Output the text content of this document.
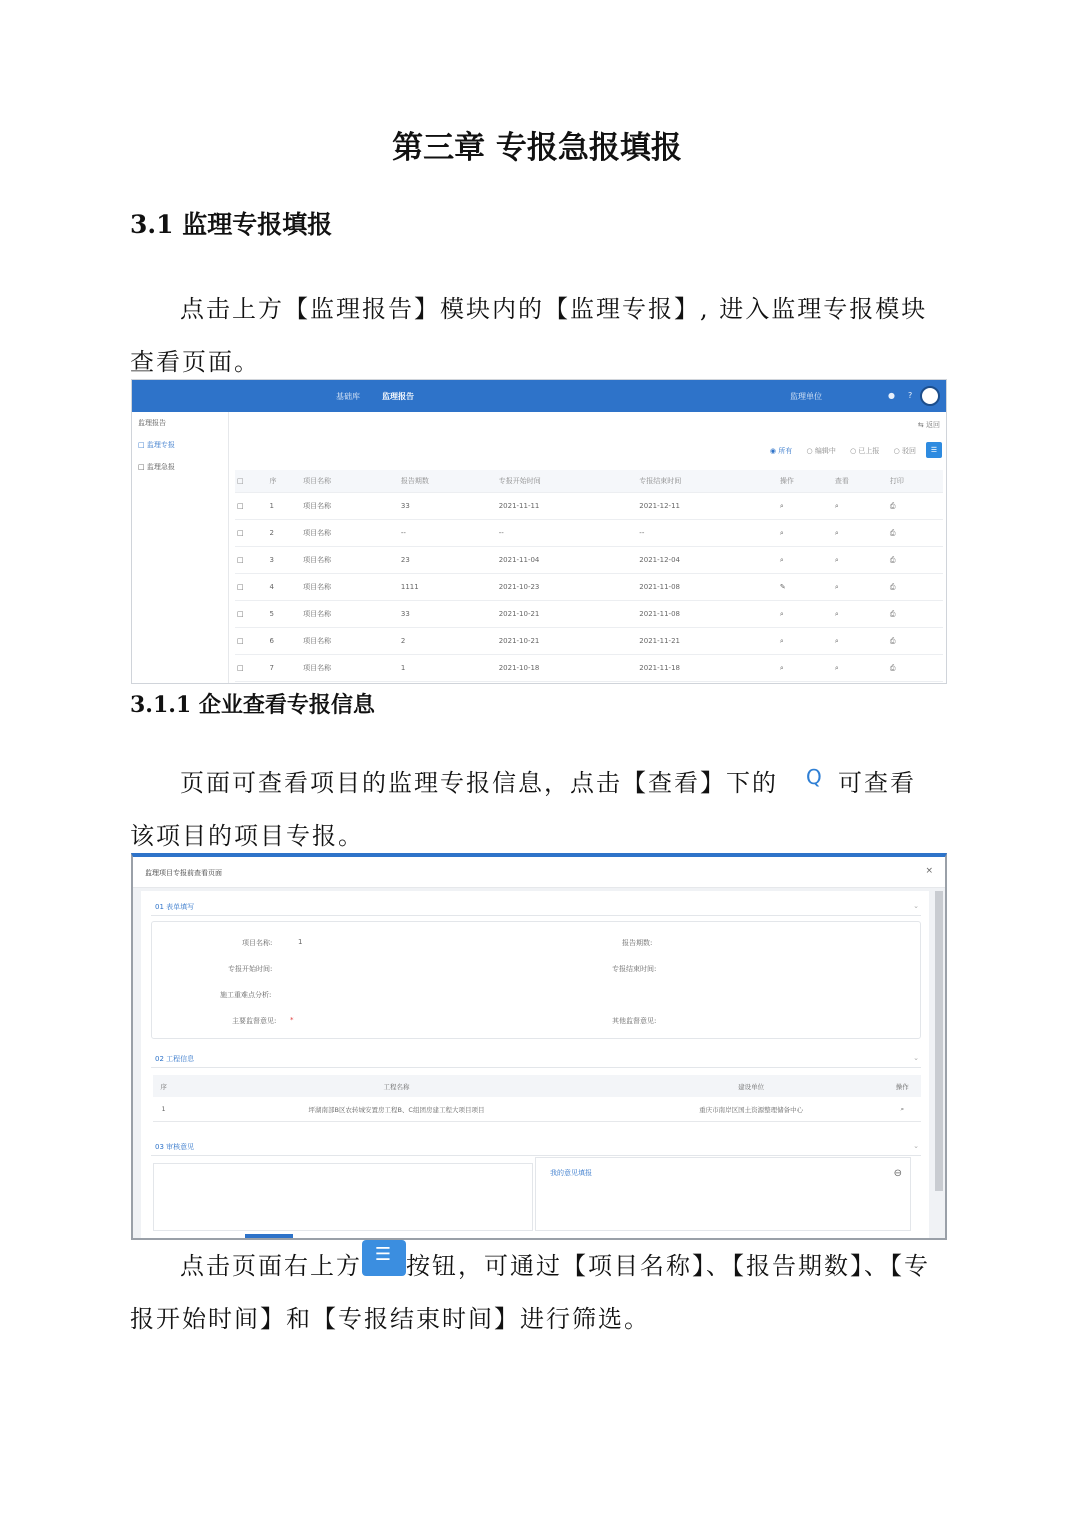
第三章 专报急报填报
3.1 监理专报填报
点击上方【监理报告】模块内的【监理专报】, 进入监理专报模块
查看页面。
基础库	监理报告	监理单位	● ?
监理报告
□ 监理专报
□ 监理急报
⇆ 返回
◉ 所有 ○ 编辑中 ○ 已上报 ○ 驳回	☰
□	序	项目名称	报告期数	专报开始时间	专报结束时间	操作	查看	打印
□	1	项目名称	33	2021-11-11	2021-12-11	⌕	⌕	⎙
□	2	项目名称	--	--	--	⌕	⌕	⎙
□	3	项目名称	23	2021-11-04	2021-12-04	⌕	⌕	⎙
□	4	项目名称	1111	2021-10-23	2021-11-08	✎	⌕	⎙
□	5	项目名称	33	2021-10-21	2021-11-08	⌕	⌕	⎙
□	6	项目名称	2	2021-10-21	2021-11-21	⌕	⌕	⎙
□	7	项目名称	1	2021-10-18	2021-11-18	⌕	⌕	⎙
3.1.1 企业查看专报信息
页面可查看项目的监理专报信息，点击【查看】下的 Q 可查看
该项目的项目专报。
监理项目专报前查看页面	×
01 表单填写	⌄
项目名称:	1	报告期数:
专报开始时间:	专报结束时间:
施工重难点分析:
主要监督意见: *	其他监督意见:
02 工程信息	⌄
序	工程名称	建设单位	操作
1	坪湖南部B区农转城安置房工程B、C组团房建工程大项目项目	重庆市南岸区国土资源整理储备中心	⌕
03 审核意见	⌄
我的意见填报	⊖
点击页面右上方 ☰ 按钮，可通过【项目名称】、【报告期数】、【专
报开始时间】和【专报结束时间】进行筛选。
